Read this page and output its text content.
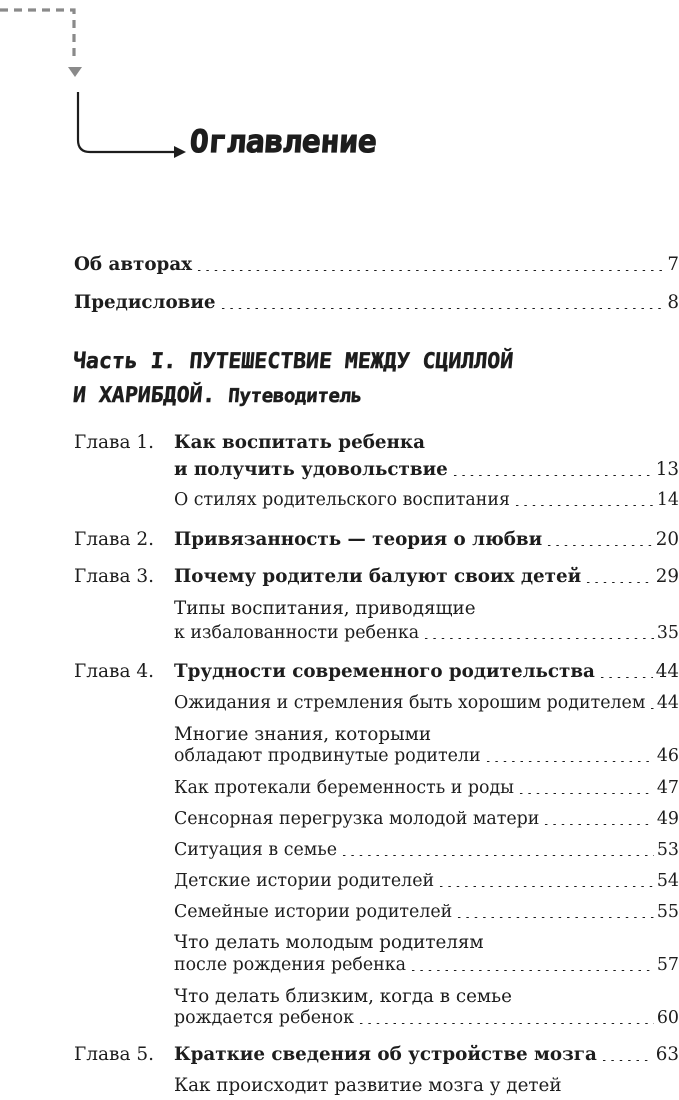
Оглавление
Об авторах	7
Предисловие	8
Часть I. ПУТЕШЕСТВИЕ МЕЖДУ СЦИЛЛОЙ
И ХАРИБДОЙ. Путеводитель
Глава 1. Как воспитать ребенка
и получить удовольствие	13
О стилях родительского воспитания	14
Глава 2. Привязанность — теория о любви	20
Глава 3. Почему родители балуют своих детей	29
Типы воспитания, приводящие
к избалованности ребенка	35
Глава 4. Трудности современного родительства	44
Ожидания и стремления быть хорошим родителем 44
Многие знания, которыми
обладают продвинутые родители	46
Как протекали беременность и роды	47
Сенсорная перегрузка молодой матери	49
Ситуация в семье	53
Детские истории родителей	54
Семейные истории родителей	55
Что делать молодым родителям
после рождения ребенка	57
Что делать близким, когда в семье
рождается ребенок	60
Глава 5. Краткие сведения об устройстве мозга	63
Как происходит развитие мозга у детей
